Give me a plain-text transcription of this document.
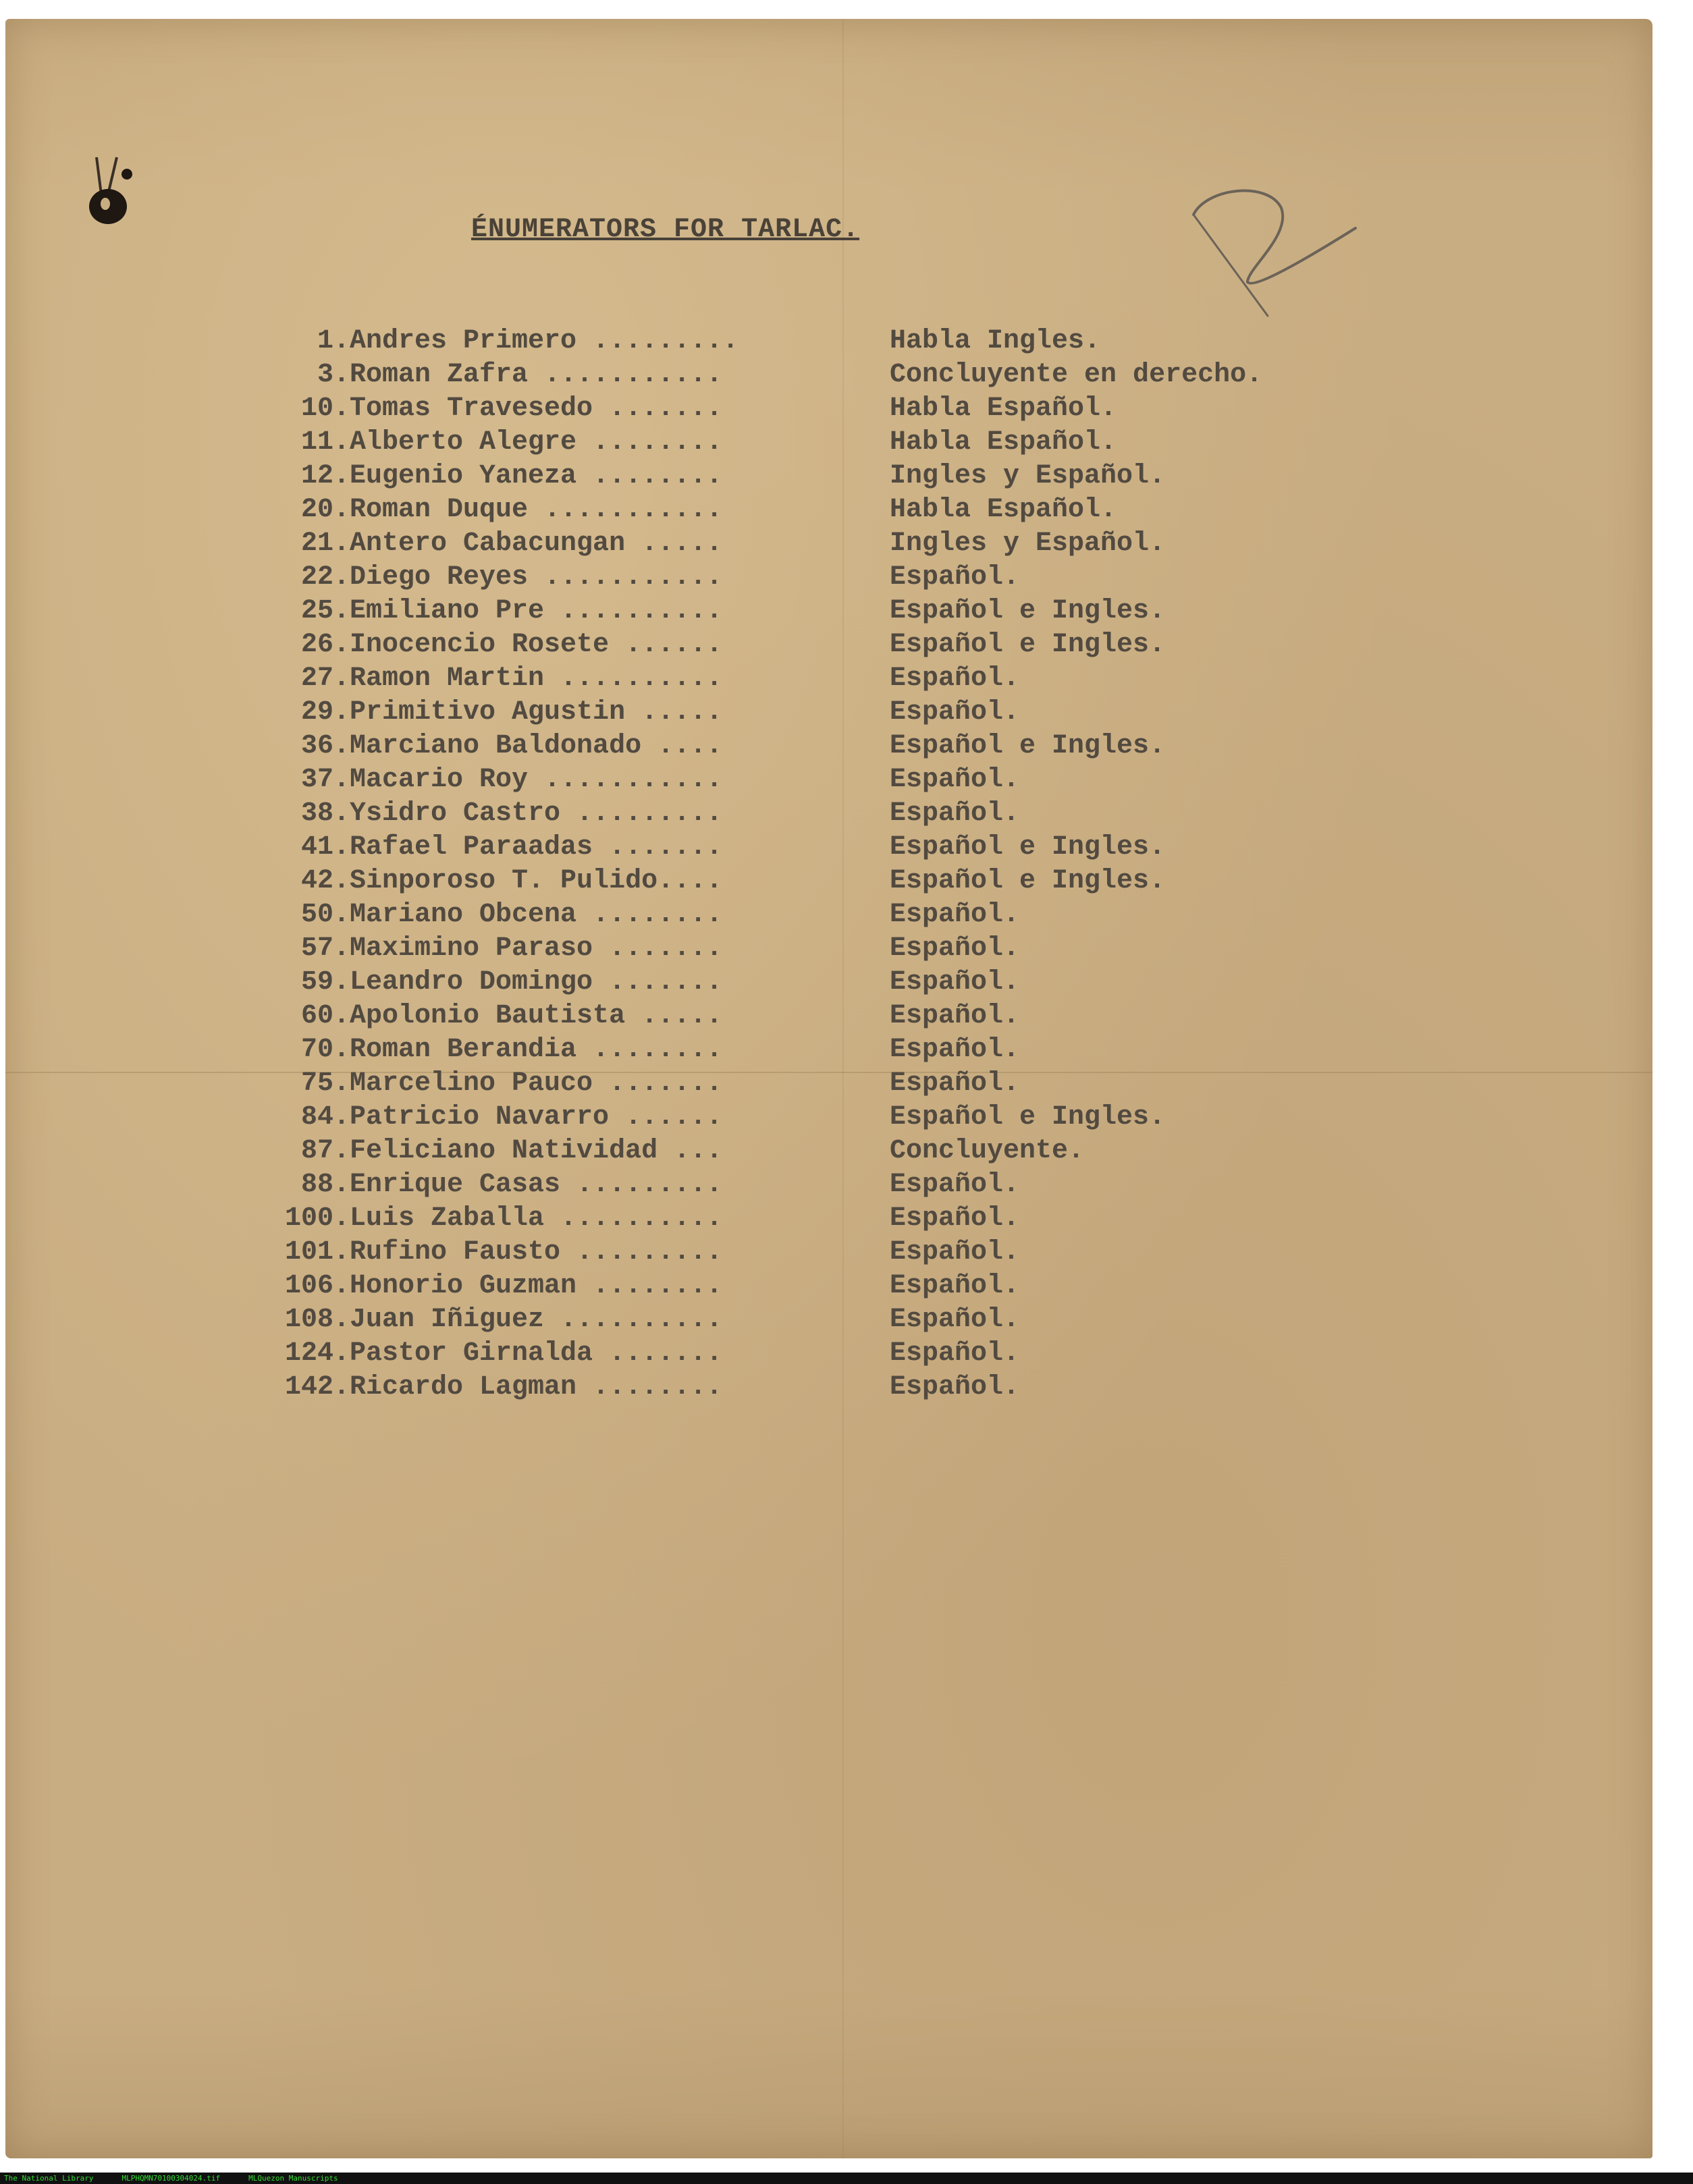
ÉNUMERATORS FOR TARLAC.
1. Andres Primero .........	Habla Ingles.
3. Roman Zafra ...........	Concluyente en derecho.
10. Tomas Travesedo .......	Habla Español.
11. Alberto Alegre ........	Habla Español.
12. Eugenio Yaneza ........	Ingles y Español.
20. Roman Duque ...........	Habla Español.
21. Antero Cabacungan .....	Ingles y Español.
22. Diego Reyes ...........	Español.
25. Emiliano Pre ..........	Español e Ingles.
26. Inocencio Rosete ......	Español e Ingles.
27. Ramon Martin ..........	Español.
29. Primitivo Agustin .....	Español.
36. Marciano Baldonado ....	Español e Ingles.
37. Macario Roy ...........	Español.
38. Ysidro Castro .........	Español.
41. Rafael Paraadas .......	Español e Ingles.
42. Sinporoso T. Pulido....	Español e Ingles.
50. Mariano Obcena ........	Español.
57. Maximino Paraso .......	Español.
59. Leandro Domingo .......	Español.
60. Apolonio Bautista .....	Español.
70. Roman Berandia ........	Español.
75. Marcelino Pauco .......	Español.
84. Patricio Navarro ......	Español e Ingles.
87. Feliciano Natividad ...	Concluyente.
88. Enrique Casas .........	Español.
100. Luis Zaballa ..........	Español.
101. Rufino Fausto .........	Español.
106. Honorio Guzman ........	Español.
108. Juan Iñiguez ..........	Español.
124. Pastor Girnalda .......	Español.
142. Ricardo Lagman ........	Español.
The National Library	MLPHQMN70100304024.tif	MLQuezon Manuscripts
